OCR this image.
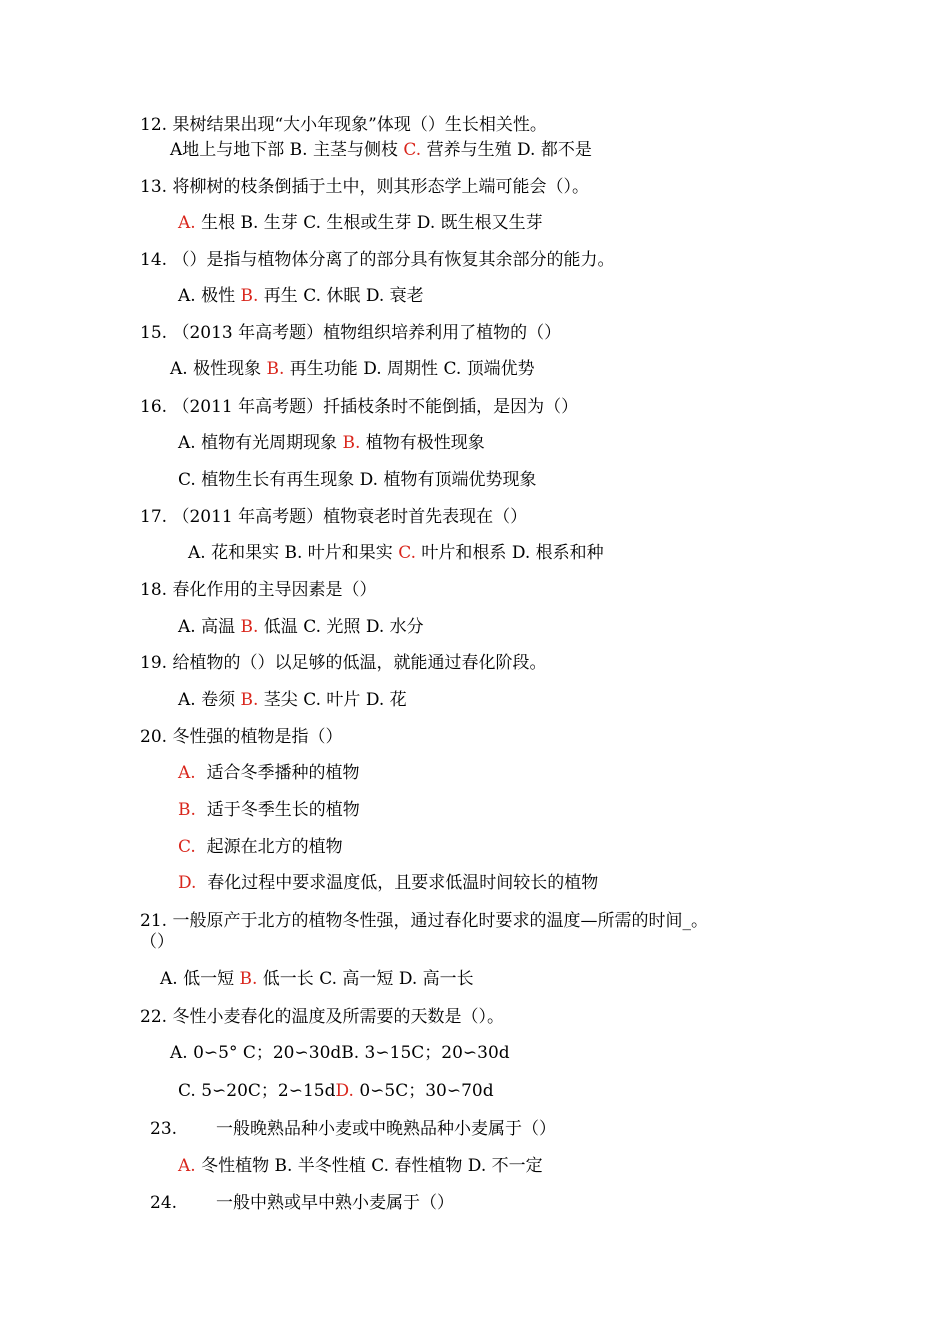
12. 果树结果出现“大小年现象”体现（）生长相关性。
A地上与地下部 B. 主茎与侧枝 C. 营养与生殖 D. 都不是
13. 将柳树的枝条倒插于土中，则其形态学上端可能会（）。
A. 生根 B. 生芽 C. 生根或生芽 D. 既生根又生芽
14. （）是指与植物体分离了的部分具有恢复其余部分的能力。
A. 极性 B. 再生 C. 休眠 D. 衰老
15. （2013 年高考题）植物组织培养利用了植物的（）
A. 极性现象 B. 再生功能 D. 周期性 C. 顶端优势
16. （2011 年高考题）扦插枝条时不能倒插，是因为（）
A. 植物有光周期现象 B. 植物有极性现象
C. 植物生长有再生现象 D. 植物有顶端优势现象
17. （2011 年高考题）植物衰老时首先表现在（）
A. 花和果实 B. 叶片和果实 C. 叶片和根系 D. 根系和种
18. 春化作用的主导因素是（）
A. 高温 B. 低温 C. 光照 D. 水分
19. 给植物的（）以足够的低温，就能通过春化阶段。
A. 卷须 B. 茎尖 C. 叶片 D. 花
20. 冬性强的植物是指（）
A.  适合冬季播种的植物
B.  适于冬季生长的植物
C.  起源在北方的植物
D.  春化过程中要求温度低，且要求低温时间较长的植物
21. 一般原产于北方的植物冬性强，通过春化时要求的温度—所需的时间_。
（）
A. 低一短 B. 低一长 C. 高一短 D. 高一长
22. 冬性小麦春化的温度及所需要的天数是（）。
A. 0∽5° C；20∽30dB. 3∽15C；20∽30d
C. 5∽20C；2∽15dD. 0∽5C；30∽70d
23. 一般晚熟品种小麦或中晚熟品种小麦属于（）
A. 冬性植物 B. 半冬性植 C. 春性植物 D. 不一定
24. 一般中熟或早中熟小麦属于（）
